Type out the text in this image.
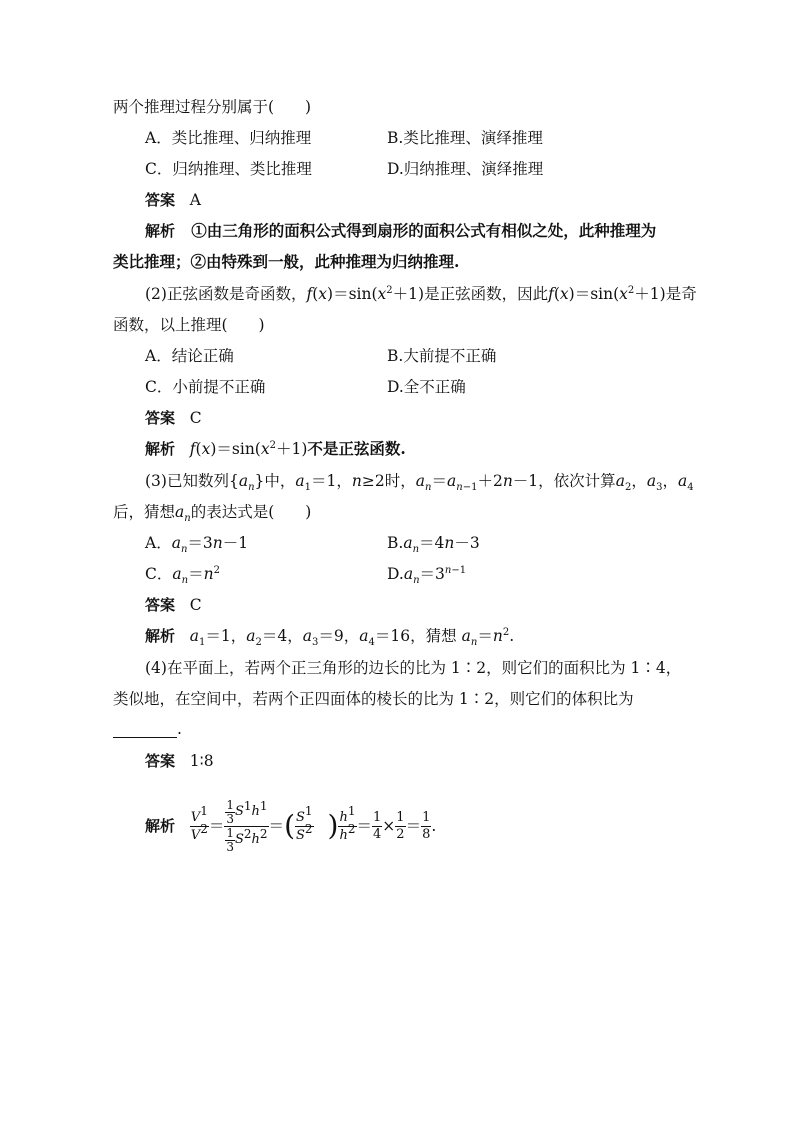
两个推理过程分别属于(　　)
A．类比推理、归纳推理	B.类比推理、演绎推理
C．归纳推理、类比推理	D.归纳推理、演绎推理
答案 A
解析 ①由三角形的面积公式得到扇形的面积公式有相似之处，此种推理为
类比推理；②由特殊到一般，此种推理为归纳推理.
(2)正弦函数是奇函数，$f(x)=\sin(x^2+1)$是正弦函数，因此$f(x)=\sin(x^2+1)$是奇
函数，以上推理(　　)
A．结论正确	B.大前提不正确
C．小前提不正确	D.全不正确
答案 C
解析 $f(x)=\sin(x^2+1)$不是正弦函数.
(3)已知数列$\{a_n\}$中，$a_1=1$，n≥2时，$a_n=a_{n-1}+2n-1$，依次计算$a_2$，$a_3$，$a_4$
后，猜想$a_n$的表达式是(　　)
A．$a_n=3n-1$	$B.a_n=4n-3$
C．$a_n=n^2$	$D.a_n=3^{n-1}$
答案 C
解析 $a_1=1$，$a_2=4$，$a_3=9$，$a_4=16$，猜想 $a_n=n^2$.
(4)在平面上，若两个正三角形的边长的比为 1∶2，则它们的面积比为 1∶4，
类似地，在空间中，若两个正四面体的棱长的比为 1∶2，则它们的体积比为
.
答案 1∶8
解析
$\frac{V1}{V2} = \frac{\frac{1}{3} S 1 h 1}{\frac{1}{3} S 2 h 2}$ ＝ ( $\frac{S1}{S2}$ ) $\frac{h1}{h2} = \frac{1}{4} \times \frac{1}{2} = \frac{1}{8}$ .
